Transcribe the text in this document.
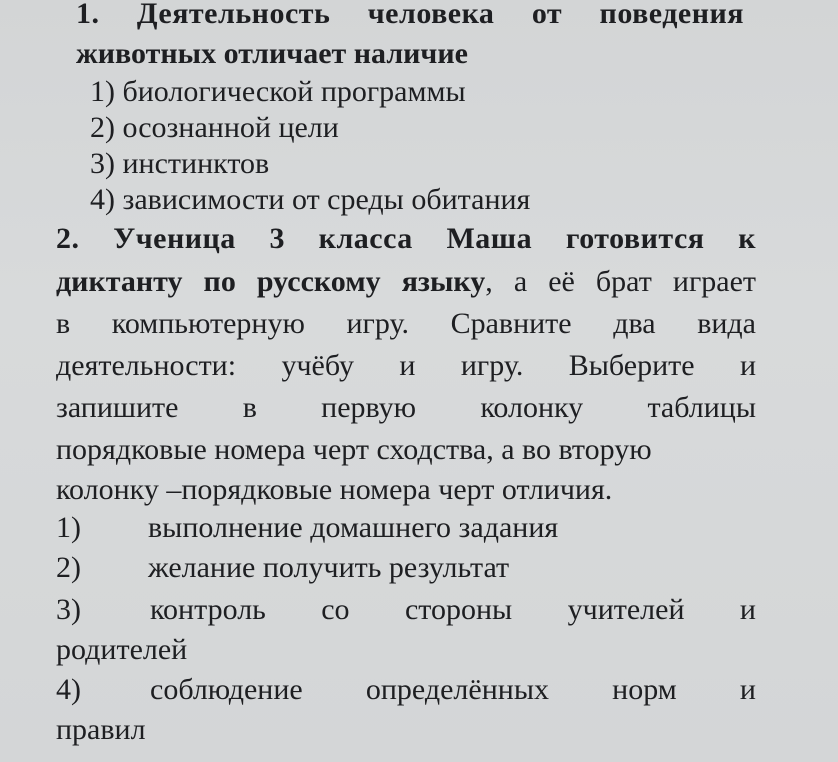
1. Деятельность человека от поведения
животных отличает наличие
1) биологической программы
2) осознанной цели
3) инстинктов
4) зависимости от среды обитания
2. Ученица 3 класса Маша готовится к
диктанту по русскому языку, а её брат играет
в компьютерную игру. Сравните два вида
деятельности: учёбу и игру. Выберите и
запишите в первую колонку таблицы
порядковые номера черт сходства, а во вторую
колонку –порядковые номера черт отличия.
1) выполнение домашнего задания
2) желание получить результат
3) контроль со стороны учителей и
родителей
4) соблюдение определённых норм и
правил
